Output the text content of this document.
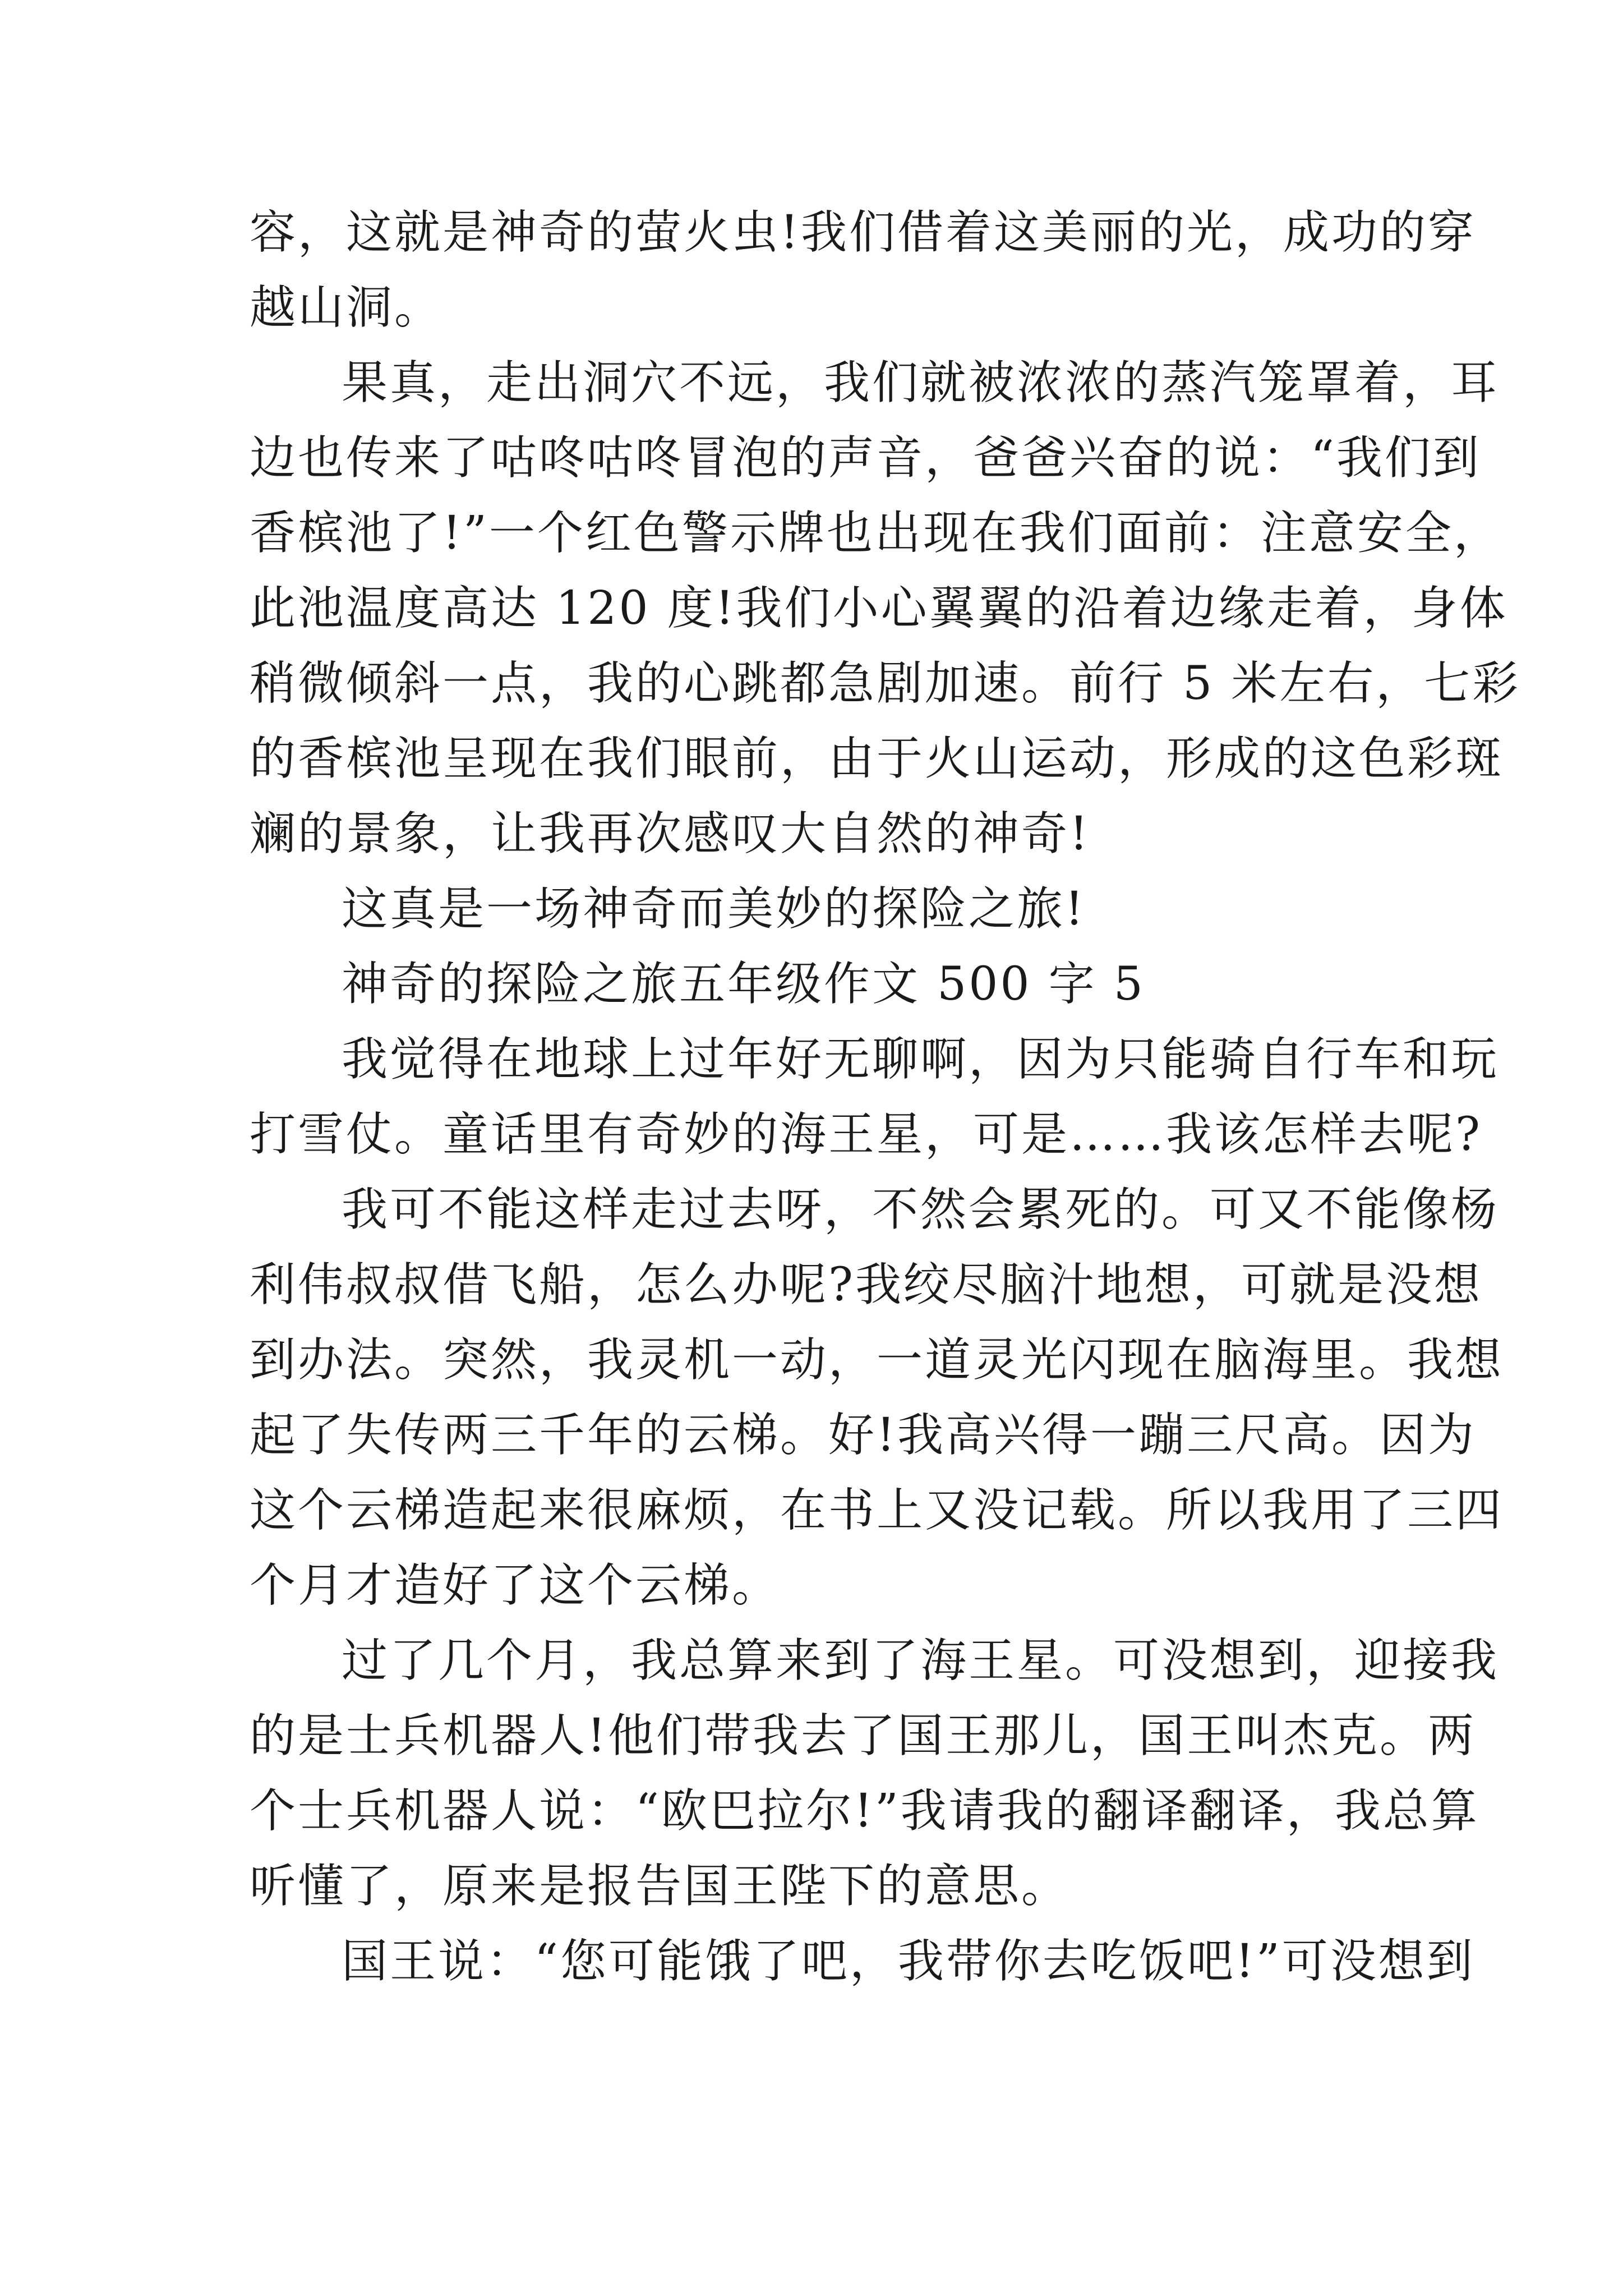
容，这就是神奇的萤火虫!我们借着这美丽的光，成功的穿
越山洞。
果真，走出洞穴不远，我们就被浓浓的蒸汽笼罩着，耳
边也传来了咕咚咕咚冒泡的声音，爸爸兴奋的说：“我们到
香槟池了!”一个红色警示牌也出现在我们面前：注意安全，
此池温度高达 120 度!我们小心翼翼的沿着边缘走着，身体
稍微倾斜一点，我的心跳都急剧加速。前行 5 米左右，七彩
的香槟池呈现在我们眼前，由于火山运动，形成的这色彩斑
斓的景象，让我再次感叹大自然的神奇!
这真是一场神奇而美妙的探险之旅!
神奇的探险之旅五年级作文 500 字 5
我觉得在地球上过年好无聊啊，因为只能骑自行车和玩
打雪仗。童话里有奇妙的海王星，可是……我该怎样去呢?
我可不能这样走过去呀，不然会累死的。可又不能像杨
利伟叔叔借飞船，怎么办呢?我绞尽脑汁地想，可就是没想
到办法。突然，我灵机一动，一道灵光闪现在脑海里。我想
起了失传两三千年的云梯。好!我高兴得一蹦三尺高。因为
这个云梯造起来很麻烦，在书上又没记载。所以我用了三四
个月才造好了这个云梯。
过了几个月，我总算来到了海王星。可没想到，迎接我
的是士兵机器人!他们带我去了国王那儿，国王叫杰克。两
个士兵机器人说：“欧巴拉尔!”我请我的翻译翻译，我总算
听懂了，原来是报告国王陛下的意思。
国王说：“您可能饿了吧，我带你去吃饭吧!”可没想到
